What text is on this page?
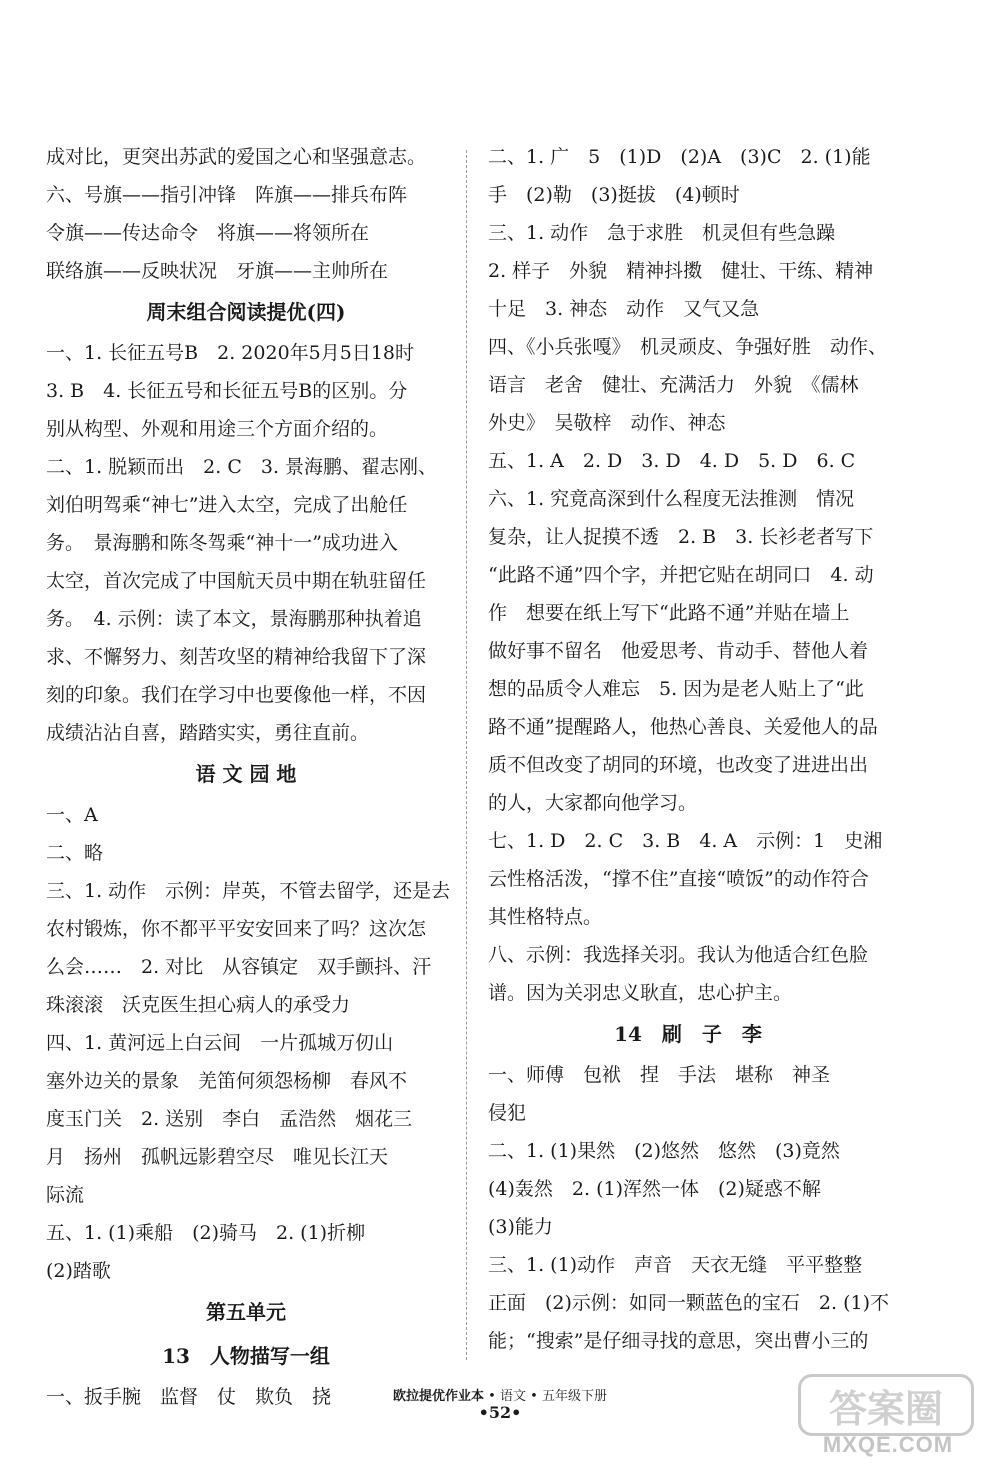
成对比，更突出苏武的爱国之心和坚强意志。
六、号旗——指引冲锋　阵旗——排兵布阵
令旗——传达命令　将旗——将领所在
联络旗——反映状况　牙旗——主帅所在
周末组合阅读提优(四)
一、1. 长征五号B　2. 2020年5月5日18时
3. B　4. 长征五号和长征五号B的区别。分
别从构型、外观和用途三个方面介绍的。
二、1. 脱颖而出　2. C　3. 景海鹏、翟志刚、
刘伯明驾乘“神七”进入太空，完成了出舱任
务。　景海鹏和陈冬驾乘“神十一”成功进入
太空，首次完成了中国航天员中期在轨驻留任
务。　4. 示例：读了本文，景海鹏那种执着追
求、不懈努力、刻苦攻坚的精神给我留下了深
刻的印象。我们在学习中也要像他一样，不因
成绩沾沾自喜，踏踏实实，勇往直前。
语 文 园 地
一、A
二、略
三、1. 动作　示例：岸英，不管去留学，还是去
农村锻炼，你不都平平安安回来了吗？这次怎
么会……　2. 对比　从容镇定　双手颤抖、汗
珠滚滚　沃克医生担心病人的承受力
四、1. 黄河远上白云间　一片孤城万仞山
塞外边关的景象　羌笛何须怨杨柳　春风不
度玉门关　2. 送别　李白　孟浩然　烟花三
月　扬州　孤帆远影碧空尽　唯见长江天
际流
五、1. (1)乘船　(2)骑马　2. (1)折柳
(2)踏歌
第五单元
13　人物描写一组
一、扳手腕　监督　仗　欺负　挠
二、1. 广　5　(1)D　(2)A　(3)C　2. (1)能
手　(2)勒　(3)挺拔　(4)顿时
三、1. 动作　急于求胜　机灵但有些急躁
2. 样子　外貌　精神抖擞　健壮、干练、精神
十足　3. 神态　动作　又气又急
四、《小兵张嘎》　机灵顽皮、争强好胜　动作、
语言　老舍　健壮、充满活力　外貌　《儒林
外史》　吴敬梓　动作、神态
五、1. A　2. D　3. D　4. D　5. D　6. C
六、1. 究竟高深到什么程度无法推测　情况
复杂，让人捉摸不透　2. B　3. 长衫老者写下
“此路不通”四个字，并把它贴在胡同口　4. 动
作　想要在纸上写下“此路不通”并贴在墙上
做好事不留名　他爱思考、肯动手、替他人着
想的品质令人难忘　5. 因为是老人贴上了“此
路不通”提醒路人，他热心善良、关爱他人的品
质不但改变了胡同的环境，也改变了进进出出
的人，大家都向他学习。
七、1. D　2. C　3. B　4. A　示例：1　史湘
云性格活泼，“撑不住”直接“喷饭”的动作符合
其性格特点。
八、示例：我选择关羽。我认为他适合红色脸
谱。因为关羽忠义耿直，忠心护主。
14　刷　子　李
一、师傅　包袱　捏　手法　堪称　神圣
侵犯
二、1. (1)果然　(2)悠然　悠然　(3)竟然
(4)轰然　2. (1)浑然一体　(2)疑惑不解
(3)能力
三、1. (1)动作　声音　天衣无缝　平平整整
正面　(2)示例：如同一颗蓝色的宝石　2. (1)不
能；“搜索”是仔细寻找的意思，突出曹小三的
欧拉提优作业本 • 语文 • 五年级下册
•52•	答案圈
MXQE.COM
